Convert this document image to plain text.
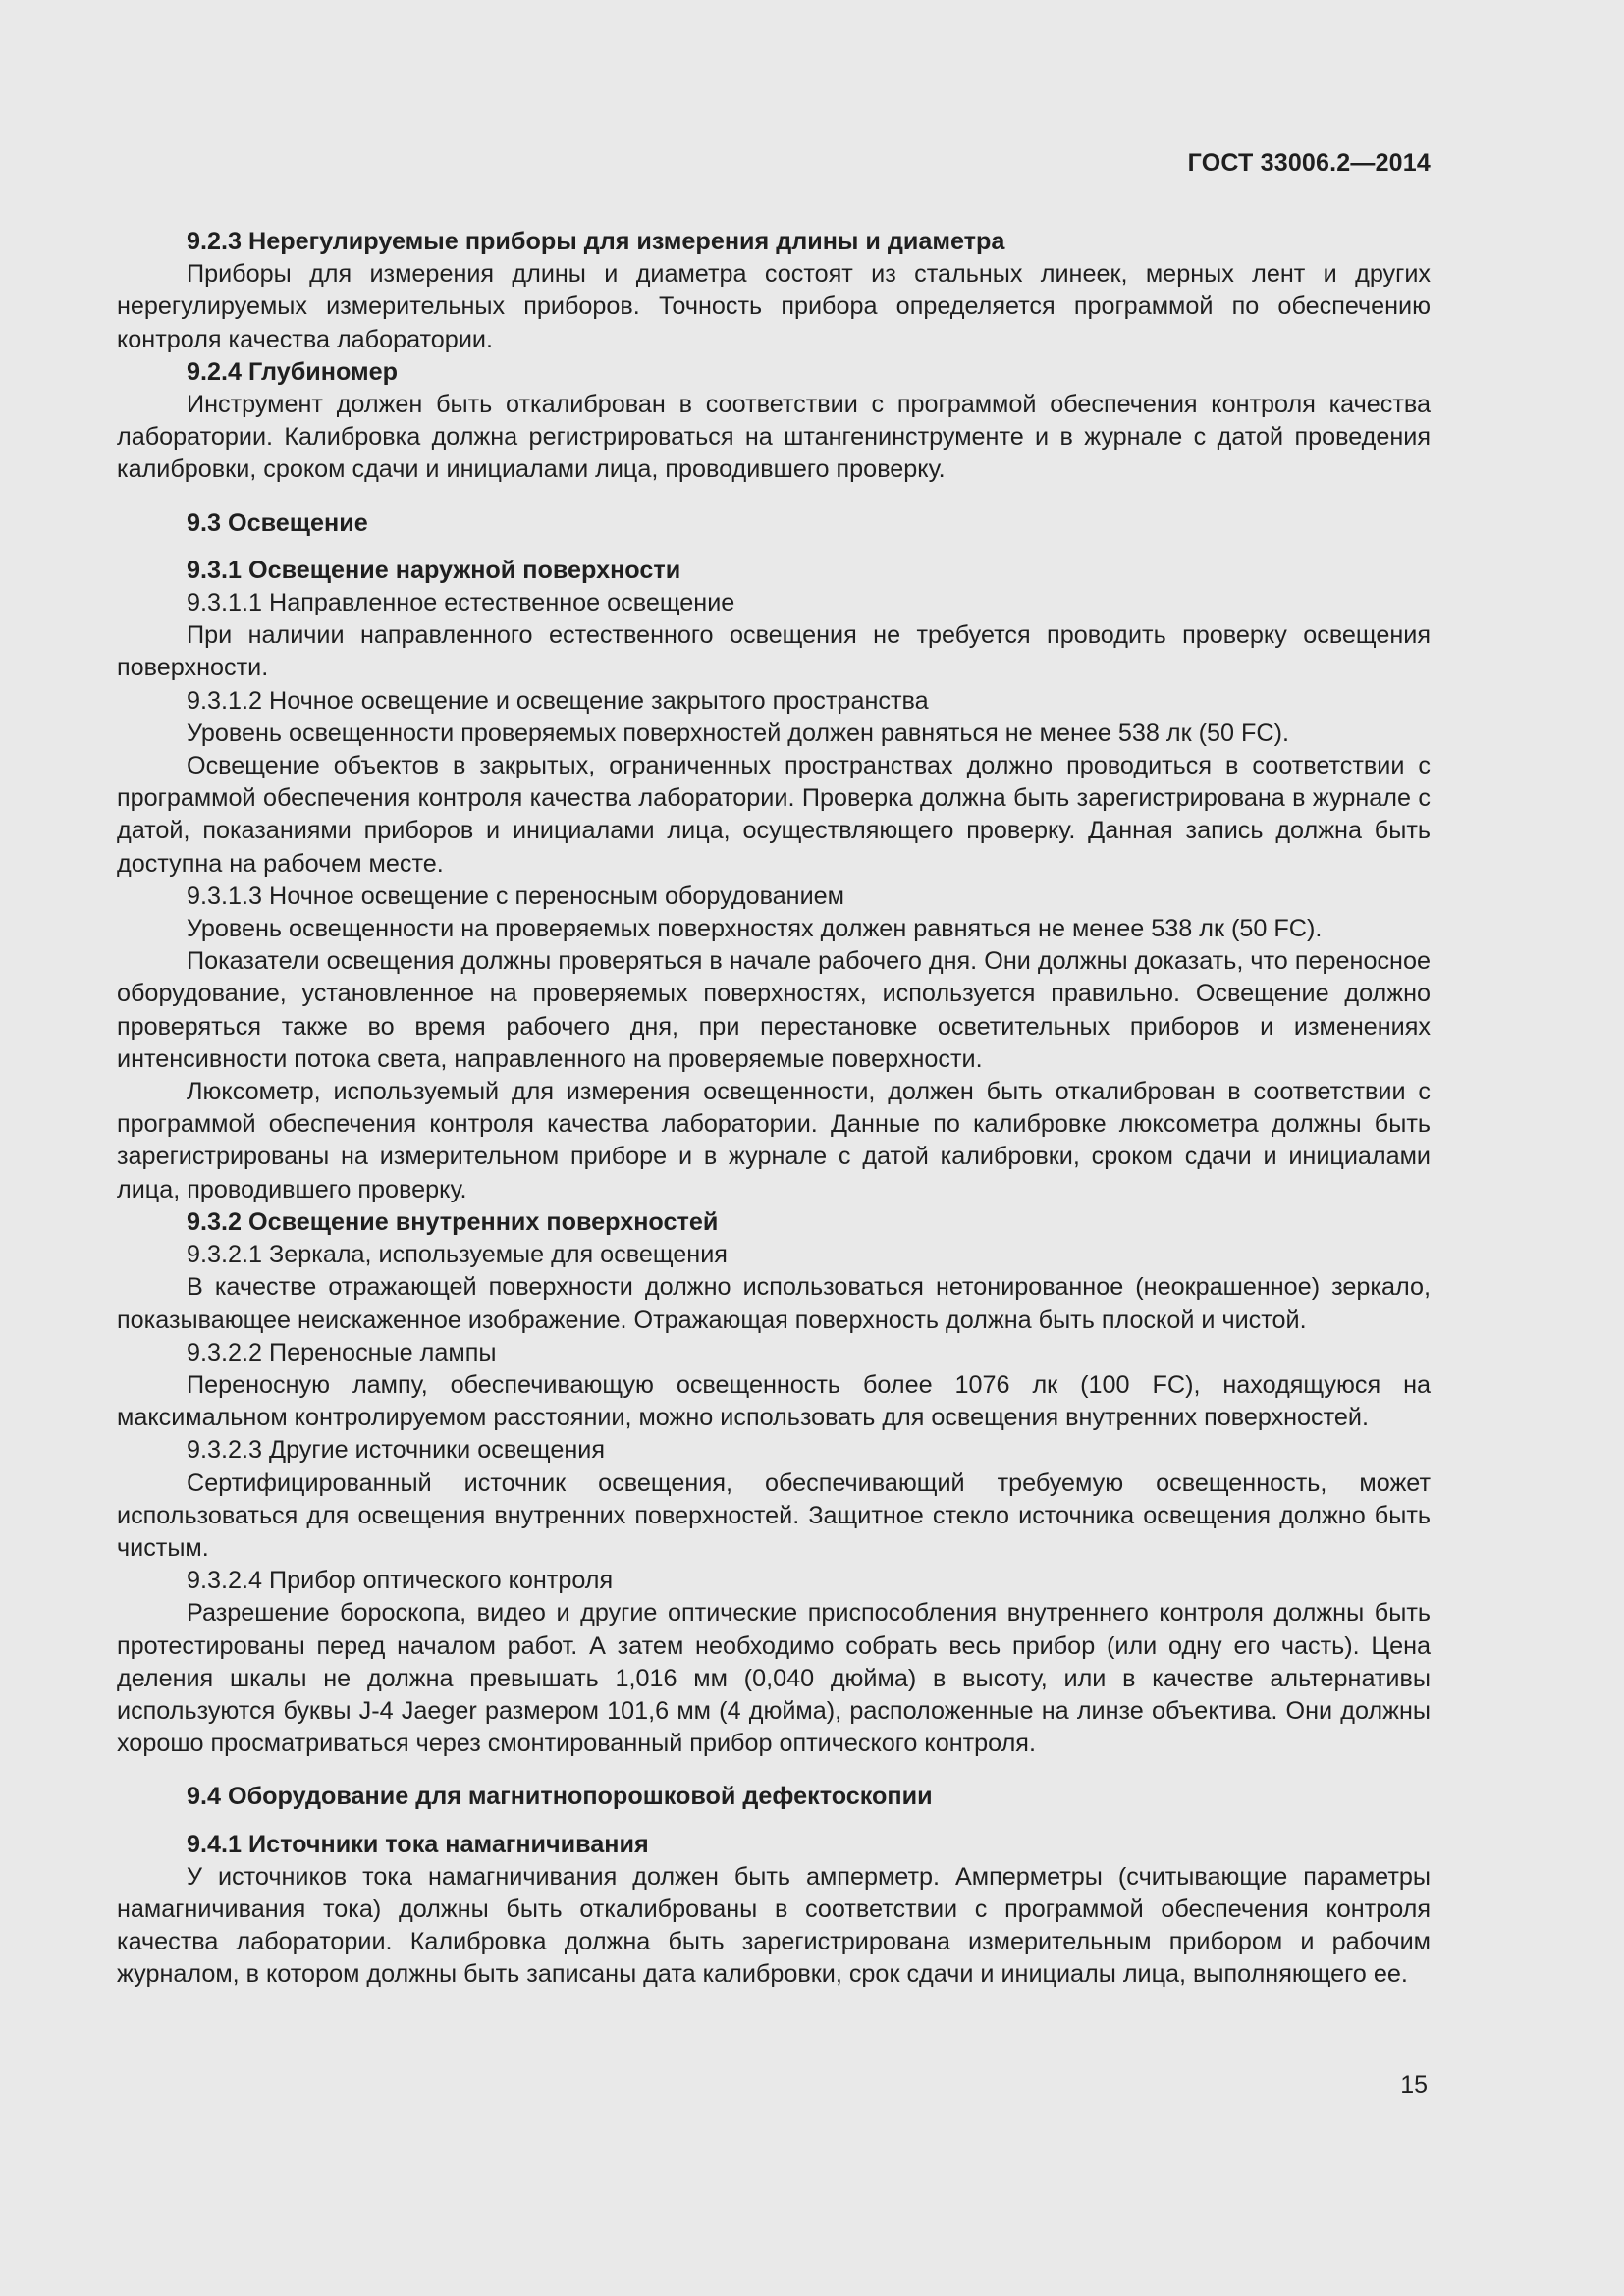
ГОСТ 33006.2—2014

9.2.3 Нерегулируемые приборы для измерения длины и диаметра

Приборы для измерения длины и диаметра состоят из стальных линеек, мерных лент и других нерегулируемых измерительных приборов. Точность прибора определяется программой по обеспечению контроля качества лаборатории.

9.2.4 Глубиномер

Инструмент должен быть откалиброван в соответствии с программой обеспечения контроля качества лаборатории. Калибровка должна регистрироваться на штангенинструменте и в журнале с датой проведения калибровки, сроком сдачи и инициалами лица, проводившего проверку.

9.3 Освещение

9.3.1 Освещение наружной поверхности

9.3.1.1 Направленное естественное освещение

При наличии направленного естественного освещения не требуется проводить проверку освещения поверхности.

9.3.1.2 Ночное освещение и освещение закрытого пространства

Уровень освещенности проверяемых поверхностей должен равняться не менее 538 лк (50 FC).

Освещение объектов в закрытых, ограниченных пространствах должно проводиться в соответствии с программой обеспечения контроля качества лаборатории. Проверка должна быть зарегистрирована в журнале с датой, показаниями приборов и инициалами лица, осуществляющего проверку. Данная запись должна быть доступна на рабочем месте.

9.3.1.3 Ночное освещение с переносным оборудованием

Уровень освещенности на проверяемых поверхностях должен равняться не менее 538 лк (50 FC).

Показатели освещения должны проверяться в начале рабочего дня. Они должны доказать, что переносное оборудование, установленное на проверяемых поверхностях, используется правильно. Освещение должно проверяться также во время рабочего дня, при перестановке осветительных приборов и изменениях интенсивности потока света, направленного на проверяемые поверхности.

Люксометр, используемый для измерения освещенности, должен быть откалиброван в соответствии с программой обеспечения контроля качества лаборатории. Данные по калибровке люксометра должны быть зарегистрированы на измерительном приборе и в журнале с датой калибровки, сроком сдачи и инициалами лица, проводившего проверку.

9.3.2 Освещение внутренних поверхностей

9.3.2.1 Зеркала, используемые для освещения

В качестве отражающей поверхности должно использоваться нетонированное (неокрашенное) зеркало, показывающее неискаженное изображение. Отражающая поверхность должна быть плоской и чистой.

9.3.2.2 Переносные лампы

Переносную лампу, обеспечивающую освещенность более 1076 лк (100 FC), находящуюся на максимальном контролируемом расстоянии, можно использовать для освещения внутренних поверхностей.

9.3.2.3 Другие источники освещения

Сертифицированный источник освещения, обеспечивающий требуемую освещенность, может использоваться для освещения внутренних поверхностей. Защитное стекло источника освещения должно быть чистым.

9.3.2.4 Прибор оптического контроля

Разрешение бороскопа, видео и другие оптические приспособления внутреннего контроля должны быть протестированы перед началом работ. А затем необходимо собрать весь прибор (или одну его часть). Цена деления шкалы не должна превышать 1,016 мм (0,040 дюйма) в высоту, или в качестве альтернативы используются буквы J-4 Jaeger размером 101,6 мм (4 дюйма), расположенные на линзе объектива. Они должны хорошо просматриваться через смонтированный прибор оптического контроля.

9.4 Оборудование для магнитнопорошковой дефектоскопии

9.4.1 Источники тока намагничивания

У источников тока намагничивания должен быть амперметр. Амперметры (считывающие параметры намагничивания тока) должны быть откалиброваны в соответствии с программой обеспечения контроля качества лаборатории. Калибровка должна быть зарегистрирована измерительным прибором и рабочим журналом, в котором должны быть записаны дата калибровки, срок сдачи и инициалы лица, выполняющего ее.

15
